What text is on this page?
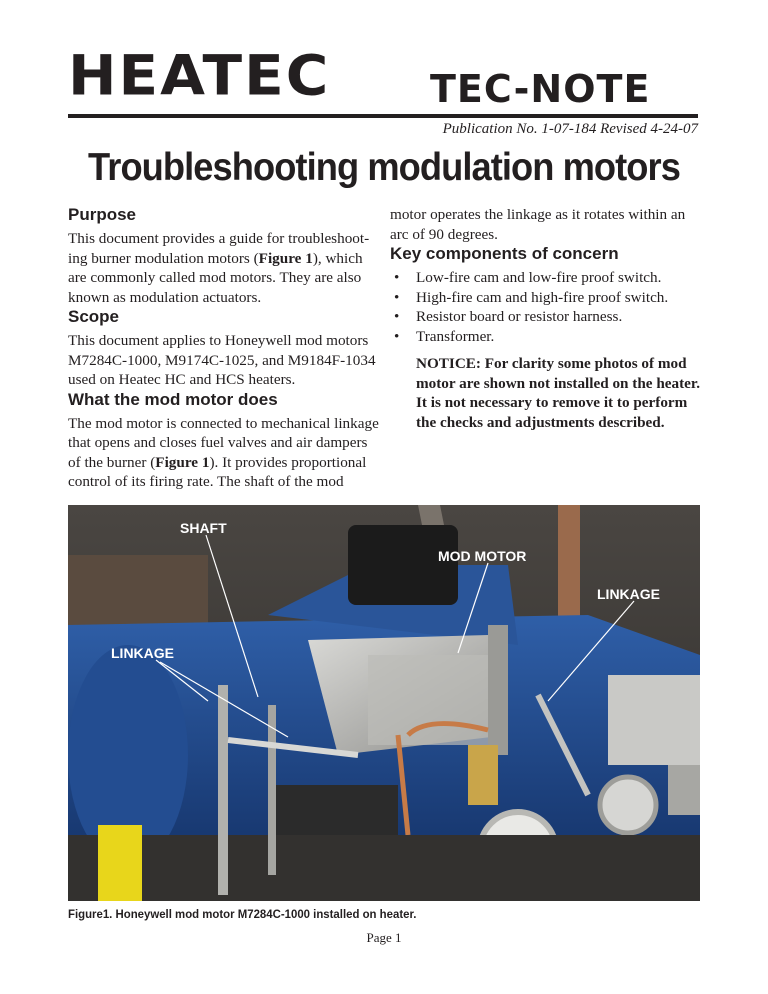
HEATEC	TEC-NOTE
Publication No. 1-07-184 Revised 4-24-07
Troubleshooting modulation motors
Purpose

This document provides a guide for troubleshoot-ing burner modulation motors (Figure 1), which are commonly called mod motors. They are also known as modulation actuators.

Scope

This document applies to Honeywell mod motors M7284C-1000, M9174C-1025, and M9184F-1034 used on Heatec HC and HCS heaters.

What the mod motor does

The mod motor is connected to mechanical linkage that opens and closes fuel valves and air dampers of the burner (Figure 1). It provides proportional control of its firing rate. The shaft of the mod

motor operates the linkage as it rotates within an arc of 90 degrees.

Key components of concern
• Low-fire cam and low-fire proof switch.
• High-fire cam and high-fire proof switch.
• Resistor board or resistor harness.
• Transformer.

NOTICE: For clarity some photos of mod motor are shown not installed on the heater. It is not necessary to remove it to perform the checks and adjustments described.

SHAFT
MOD MOTOR
LINKAGE
LINKAGE
Figure1. Honeywell mod motor M7284C-1000 installed on heater.
Page 1
